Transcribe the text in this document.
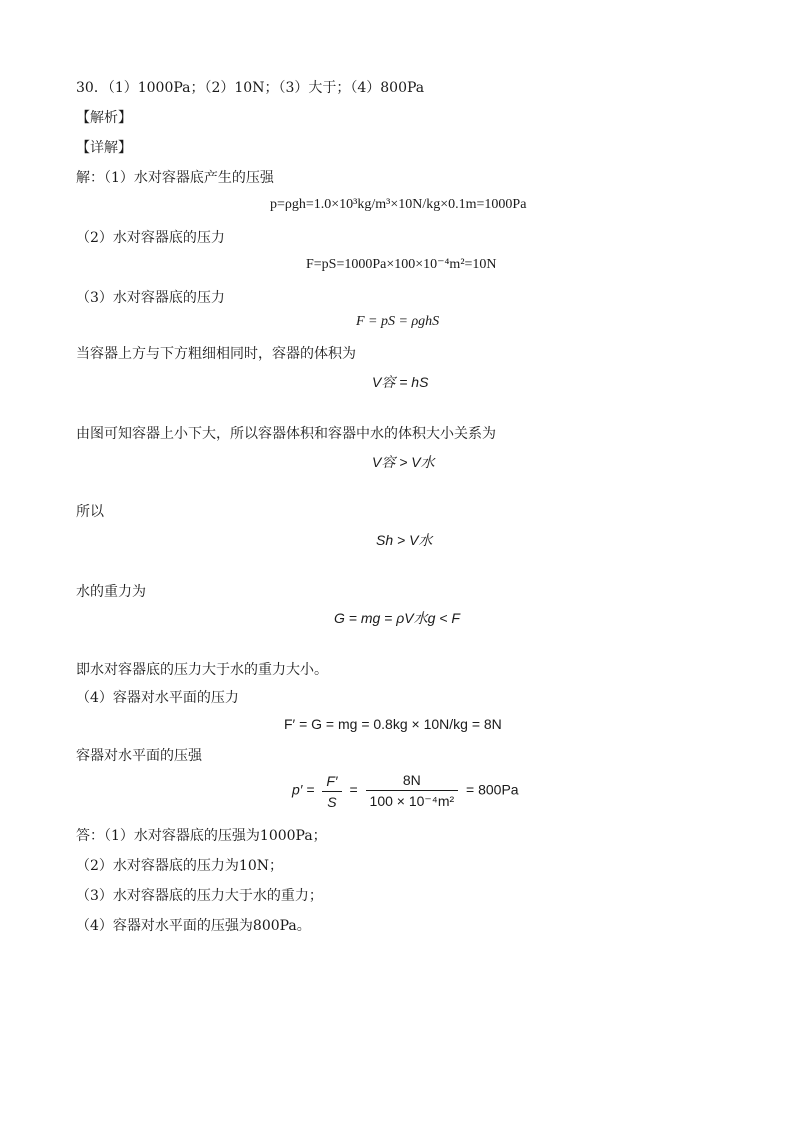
30．（1）1000Pa；（2）10N；（3）大于；（4）800Pa
【解析】
【详解】
解：（1）水对容器底产生的压强
p=ρgh=1.0×10³kg/m³×10N/kg×0.1m=1000Pa
（2）水对容器底的压力
F=pS=1000Pa×100×10⁻⁴m²=10N
（3）水对容器底的压力
F = pS = ρghS
当容器上方与下方粗细相同时，容器的体积为
V容 = hS
由图可知容器上小下大，所以容器体积和容器中水的体积大小关系为
V容 > V水
所以
Sh > V水
水的重力为
G = mg = ρV水g < F
即水对容器底的压力大于水的重力大小。
（4）容器对水平面的压力
F′ = G = mg = 0.8kg × 10N/kg = 8N
容器对水平面的压强
$p' = \frac{F'}{S} = \frac{8N}{\text{100 × 10⁻⁴m²}} = 800Pa$
答：（1）水对容器底的压强为1000Pa；
（2）水对容器底的压力为10N；
（3）水对容器底的压力大于水的重力；
（4）容器对水平面的压强为800Pa。
